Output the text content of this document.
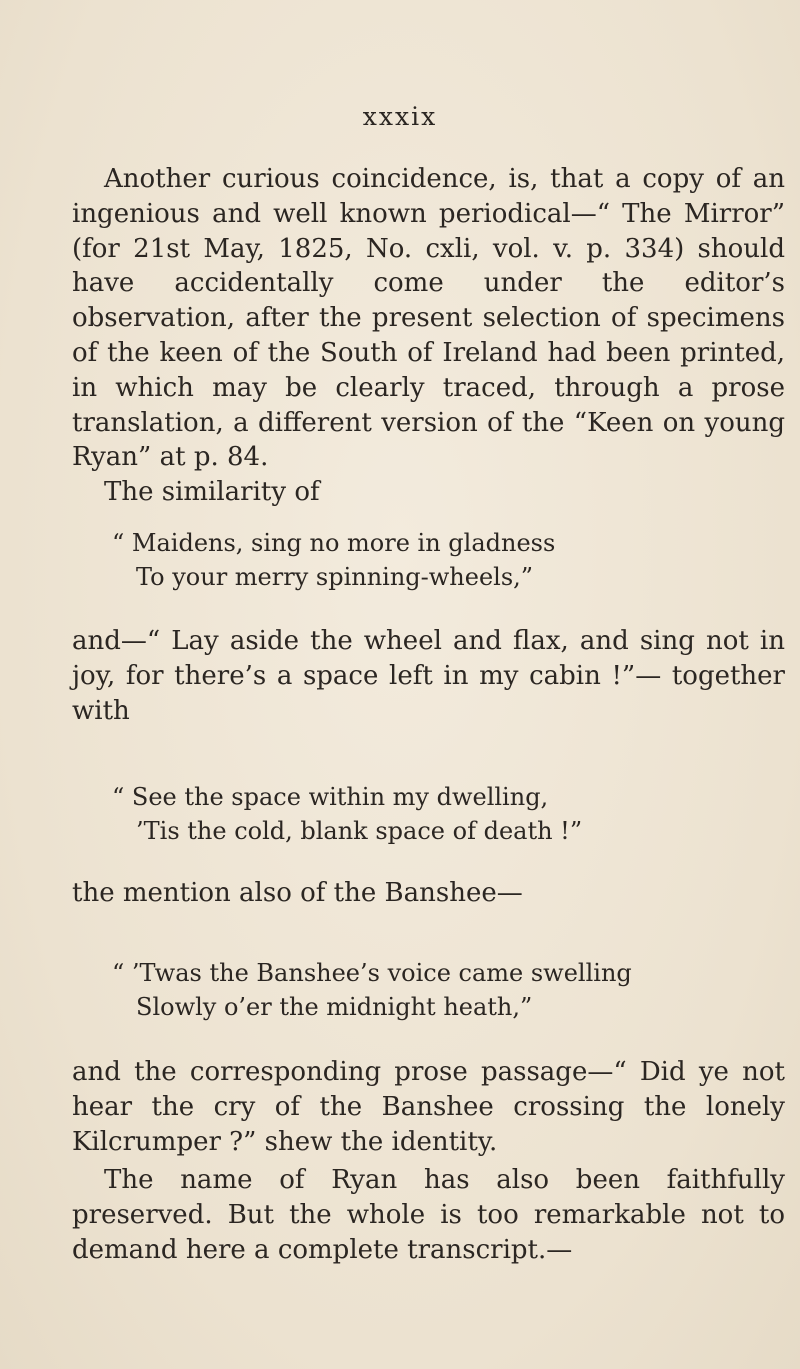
xxxix

Another curious coincidence, is, that a copy of an ingenious and well known periodical—“ The Mirror” (for 21st May, 1825, No. cxli, vol. v. p. 334) should have accidentally come under the editor’s observation, after the present selection of specimens of the keen of the South of Ireland had been printed, in which may be clearly traced, through a prose translation, a different version of the “Keen on young Ryan” at p. 84.

The similarity of

“ Maidens, sing no more in gladness

To your merry spinning-wheels,”

and—“ Lay aside the wheel and flax, and sing not in joy, for there’s a space left in my cabin !”— together with

“ See the space within my dwelling,

’Tis the cold, blank space of death !”

the mention also of the Banshee—

“ ’Twas the Banshee’s voice came swelling

Slowly o’er the midnight heath,”

and the corresponding prose passage—“ Did ye not hear the cry of the Banshee crossing the lonely Kilcrumper ?” shew the identity.

The name of Ryan has also been faithfully preserved. But the whole is too remarkable not to demand here a complete transcript.—
